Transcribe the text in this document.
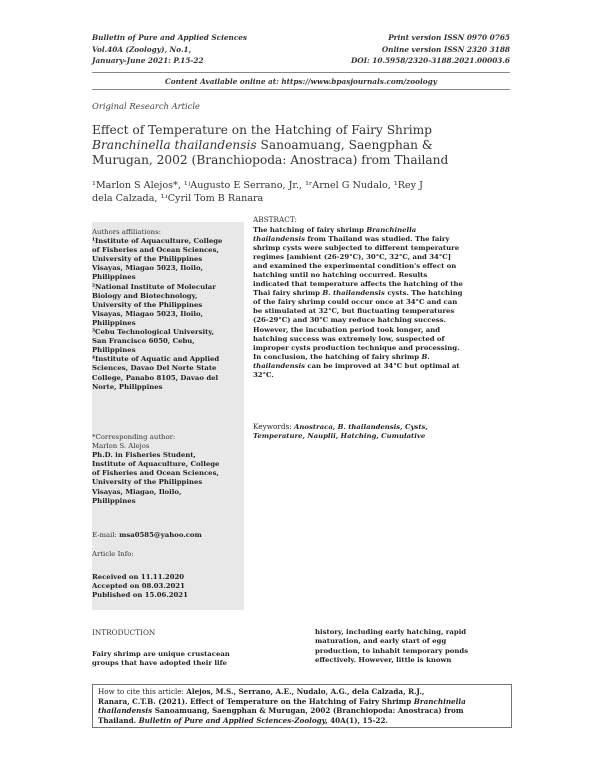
Bulletin of Pure and Applied Sciences
Vol.40A (Zoology), No.1,
January-June 2021: P.15-22
Print version ISSN 0970 0765
Online version ISSN 2320 3188
DOI: 10.5958/2320-3188.2021.00003.6
Content Available online at: https://www.bpasjournals.com/zoology
Original Research Article
Effect of Temperature on the Hatching of Fairy Shrimp
Branchinella thailandensis Sanoamuang, Saengphan &
Murugan, 2002 (Branchiopoda: Anostraca) from Thailand
¹Marlon S Alejos*, ¹ʲAugusto E Serrano, Jr., ¹ʳArnel G Nudalo, ¹Rey J
dela Calzada, ¹ʴCyril Tom B Ranara
Authors affiliations:
¹Institute of Aquaculture, College
of Fisheries and Ocean Sciences,
University of the Philippines
Visayas, Miagao 5023, Iloilo,
Philippines
²National Institute of Molecular
Biology and Biotechnology,
University of the Philippines
Visayas, Miagao 5023, Iloilo,
Philippines
³Cebu Technological University,
San Francisco 6050, Cebu,
Philippines
⁴Institute of Aquatic and Applied
Sciences, Davao Del Norte State
College, Panabo 8105, Davao del
Norte, Philippines
*Corresponding author:
Marlon S. Alejos
Ph.D. in Fisheries Student,
Institute of Aquaculture, College
of Fisheries and Ocean Sciences,
University of the Philippines
Visayas, Miagao, Iloilo,
Philippines
E-mail: msa0585@yahoo.com
Article Info:
Received on 11.11.2020
Accepted on 08.03.2021
Published on 15.06.2021
ABSTRACT:
The hatching of fairy shrimp Branchinella
thailandensis from Thailand was studied. The fairy
shrimp cysts were subjected to different temperature
regimes [ambient (26-29°C), 30°C, 32°C, and 34°C]
and examined the experimental condition's effect on
hatching until no hatching occurred. Results
indicated that temperature affects the hatching of the
Thai fairy shrimp B. thailandensis cysts. The hatching
of the fairy shrimp could occur once at 34°C and can
be stimulated at 32°C, but fluctuating temperatures
(26-29°C) and 30°C may reduce hatching success.
However, the incubation period took longer, and
hatching success was extremely low, suspected of
improper cysts production technique and processing.
In conclusion, the hatching of fairy shrimp B.
thailandensis can be improved at 34°C but optimal at
32°C.
Keywords: Anostraca, B. thailandensis, Cysts,
Temperature, Nauplii, Hatching, Cumulative
INTRODUCTION
Fairy shrimp are unique crustacean
groups that have adopted their life
history, including early hatching, rapid
maturation, and early start of egg
production, to inhabit temporary ponds
effectively. However, little is known
How to cite this article: Alejos, M.S., Serrano, A.E., Nudalo, A.G., dela Calzada, R.J.,
Ranara, C.T.B. (2021). Effect of Temperature on the Hatching of Fairy Shrimp Branchinella
thailandensis Sanoamuang, Saengphan & Murugan, 2002 (Branchiopoda: Anostraca) from
Thailand. Bulletin of Pure and Applied Sciences-Zoology, 40A(1), 15-22.
